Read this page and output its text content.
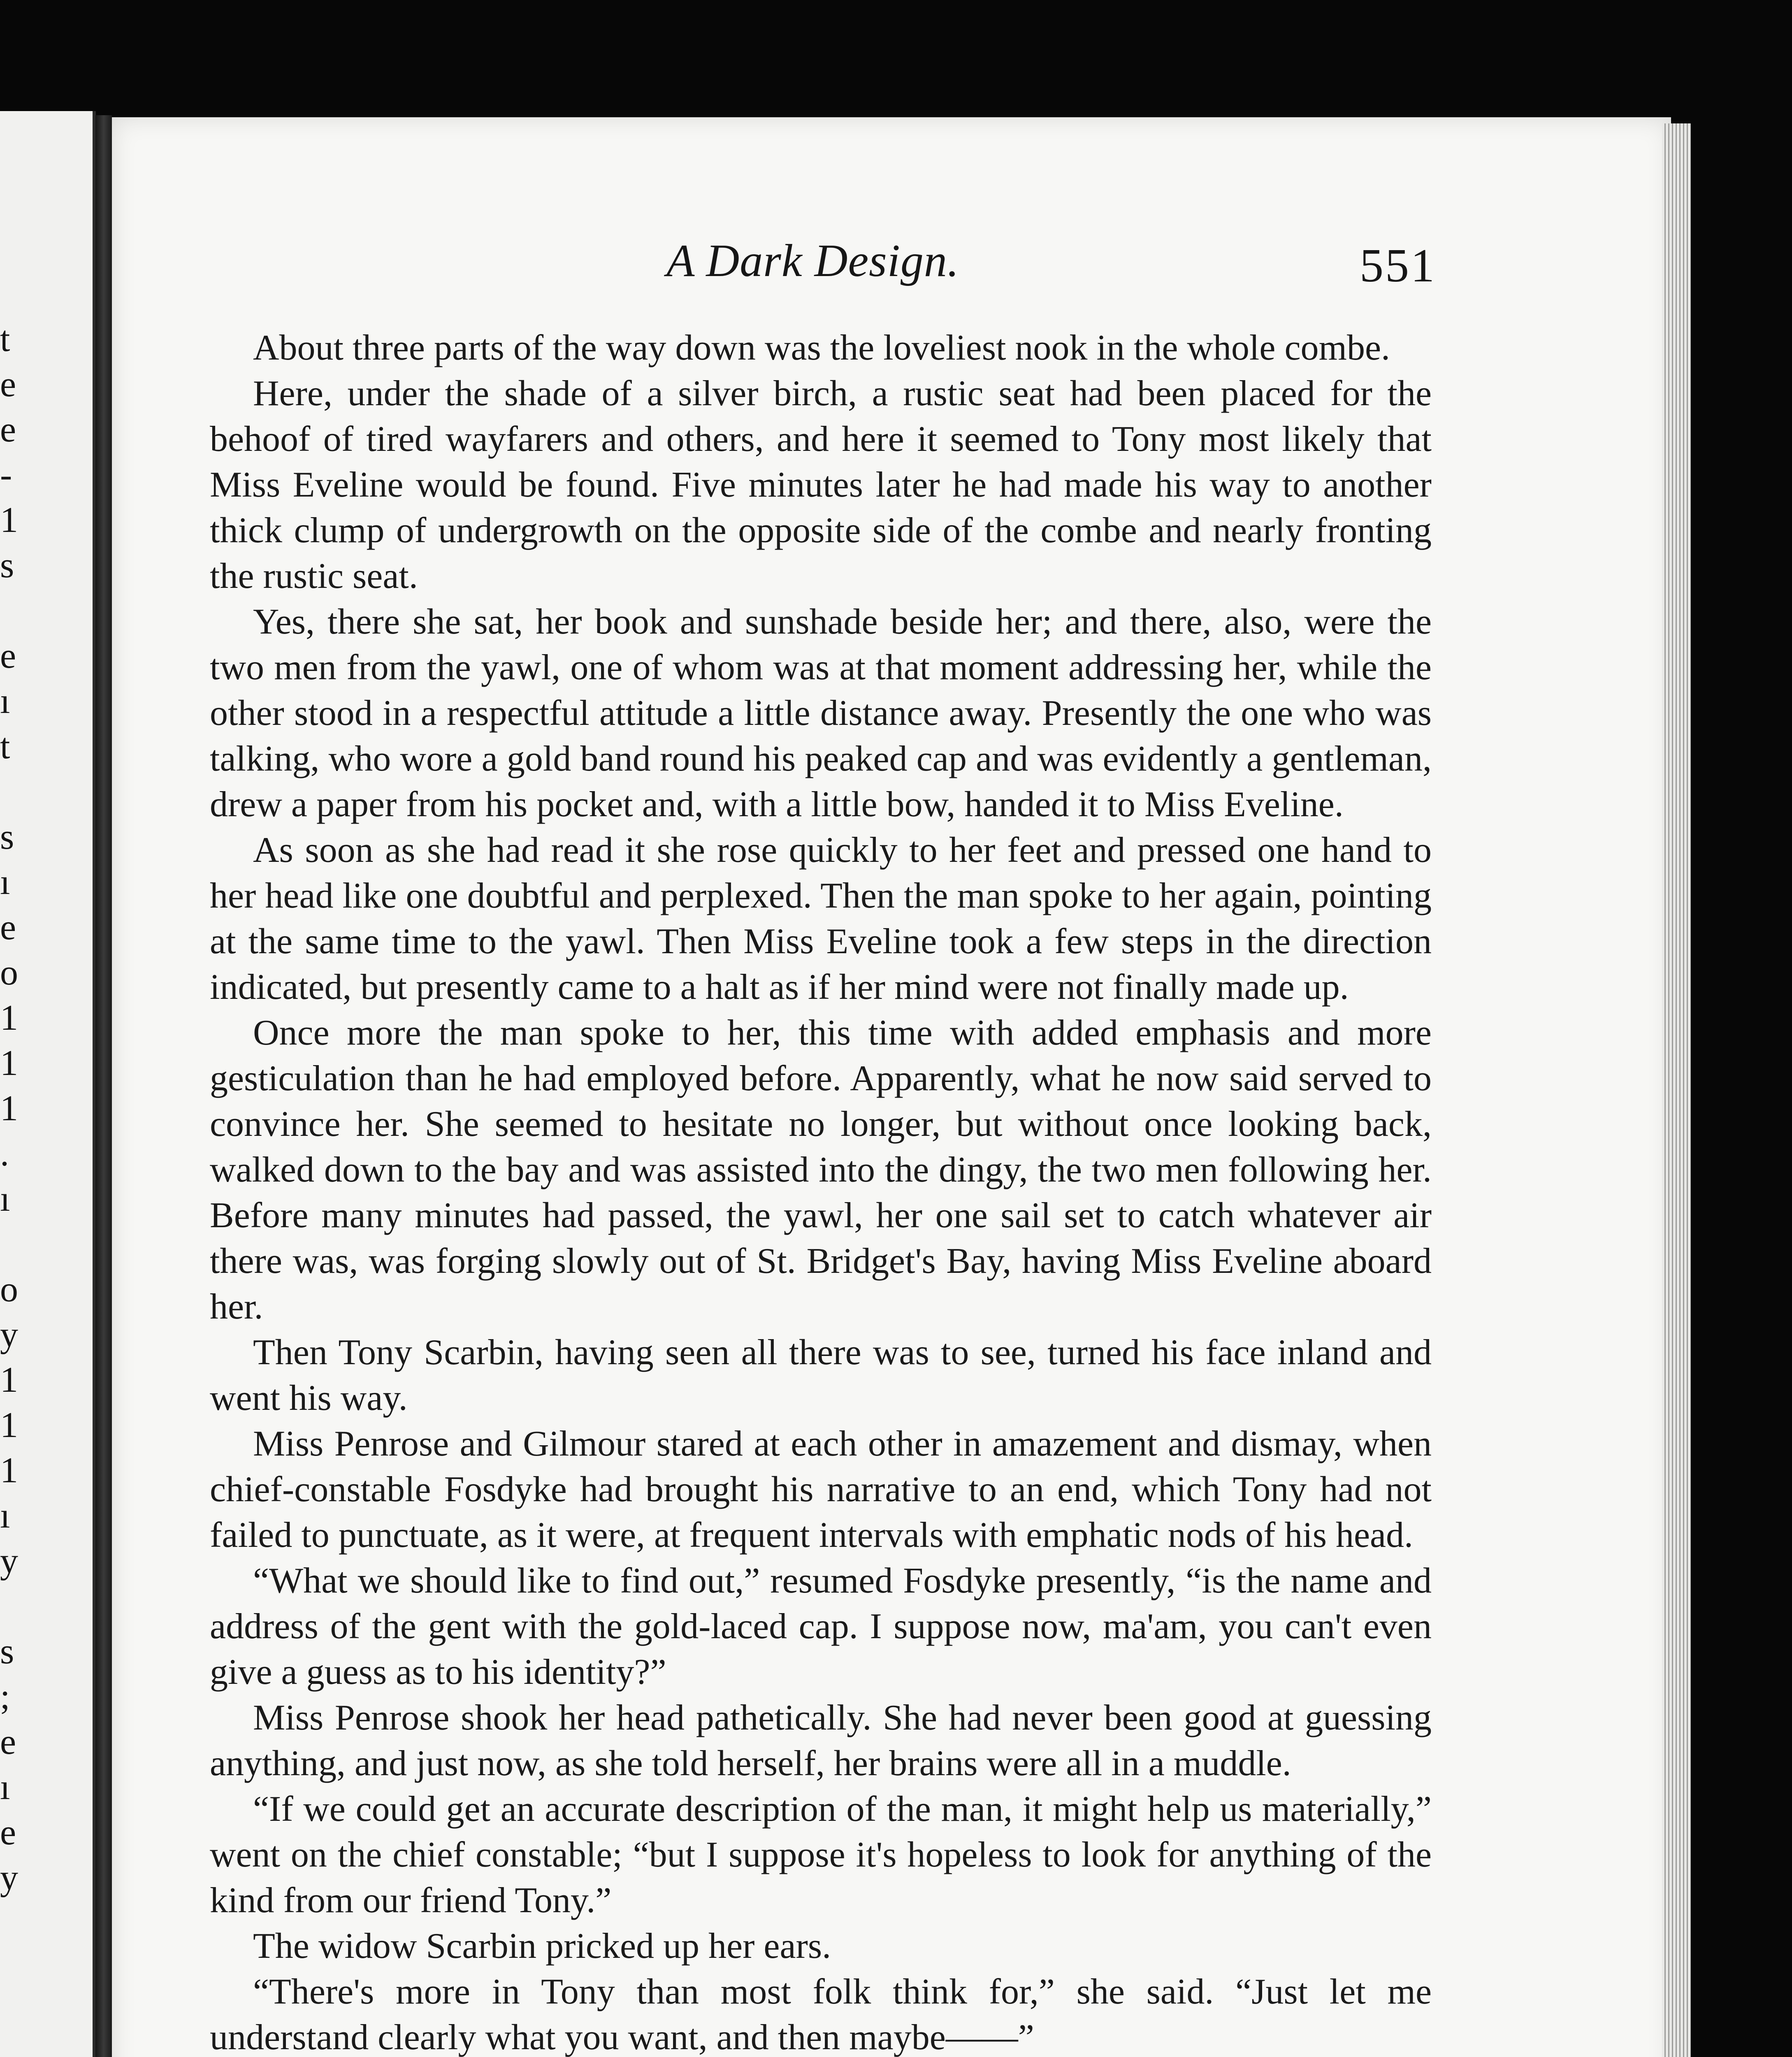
t
e
e
-
1
s

e
ı
t

s
ı
e
o
1
1
1
.
ı

o
y
1
1
1
ı
y

s
;
e
ı
e
y
A Dark Design.	551

About three parts of the way down was the loveliest nook in the whole combe.

Here, under the shade of a silver birch, a rustic seat had been placed for the behoof of tired wayfarers and others, and here it seemed to Tony most likely that Miss Eveline would be found. Five minutes later he had made his way to another thick clump of undergrowth on the opposite side of the combe and nearly fronting the rustic seat.

Yes, there she sat, her book and sunshade beside her; and there, also, were the two men from the yawl, one of whom was at that moment addressing her, while the other stood in a respectful attitude a little distance away. Presently the one who was talking, who wore a gold band round his peaked cap and was evidently a gentleman, drew a paper from his pocket and, with a little bow, handed it to Miss Eveline.

As soon as she had read it she rose quickly to her feet and pressed one hand to her head like one doubtful and perplexed. Then the man spoke to her again, pointing at the same time to the yawl. Then Miss Eveline took a few steps in the direction indicated, but presently came to a halt as if her mind were not finally made up.

Once more the man spoke to her, this time with added emphasis and more gesticulation than he had employed before. Apparently, what he now said served to convince her. She seemed to hesitate no longer, but without once looking back, walked down to the bay and was assisted into the dingy, the two men following her. Before many minutes had passed, the yawl, her one sail set to catch whatever air there was, was forging slowly out of St. Bridget's Bay, having Miss Eveline aboard her.

Then Tony Scarbin, having seen all there was to see, turned his face inland and went his way.

Miss Penrose and Gilmour stared at each other in amazement and dismay, when chief-constable Fosdyke had brought his narrative to an end, which Tony had not failed to punctuate, as it were, at frequent intervals with emphatic nods of his head.

“What we should like to find out,” resumed Fosdyke presently, “is the name and address of the gent with the gold-laced cap. I suppose now, ma'am, you can't even give a guess as to his identity?”

Miss Penrose shook her head pathetically. She had never been good at guessing anything, and just now, as she told herself, her brains were all in a muddle.

“If we could get an accurate description of the man, it might help us materially,” went on the chief constable; “but I suppose it's hopeless to look for anything of the kind from our friend Tony.”

The widow Scarbin pricked up her ears.

“There's more in Tony than most folk think for,” she said. “Just let me understand clearly what you want, and then maybe——”
